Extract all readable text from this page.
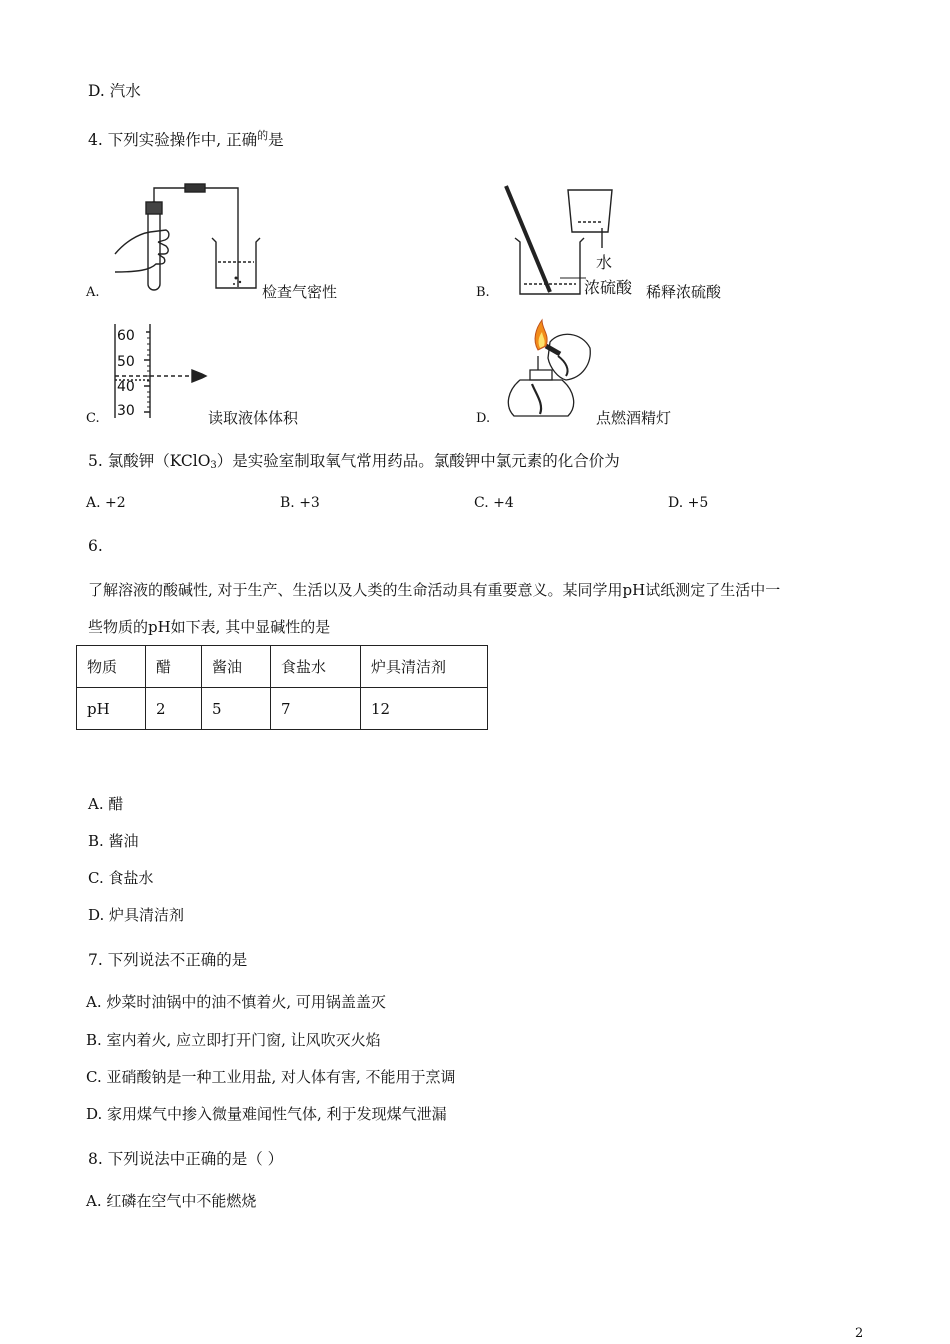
D. 汽水
4. 下列实验操作中, 正确$^的$是
A.	检查气密性	B.
水
浓硫酸 稀释浓硫酸
C.
60
50
40
30	读取液体体积	D.	点燃酒精灯
5. 氯酸钾（KClO$_3$）是实验室制取氧气常用药品。氯酸钾中氯元素的化合价为
A. +2	B. +3	C. +4	D. +5
6.
了解溶液的酸碱性, 对于生产、生活以及人类的生命活动具有重要意义。某同学用pH试纸测定了生活中一
些物质的pH如下表, 其中显碱性的是
物质	醋	酱油	食盐水	炉具清洁剂
pH	2	5	7	12
A. 醋
B. 酱油
C. 食盐水
D. 炉具清洁剂
7. 下列说法不正确的是
A. 炒菜时油锅中的油不慎着火, 可用锅盖盖灭
B. 室内着火, 应立即打开门窗, 让风吹灭火焰
C. 亚硝酸钠是一种工业用盐, 对人体有害, 不能用于烹调
D. 家用煤气中掺入微量难闻性气体, 利于发现煤气泄漏
8. 下列说法中正确的是（ ）
A. 红磷在空气中不能燃烧
2
